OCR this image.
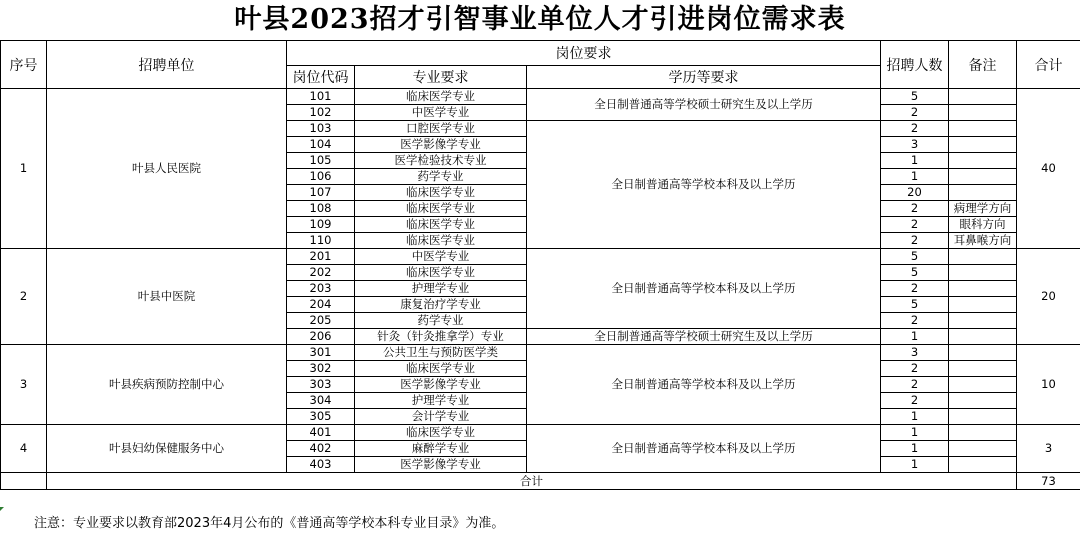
叶县2023招才引智事业单位人才引进岗位需求表
序号	招聘单位	岗位要求			招聘人数	备注	合计
		岗位代码	专业要求	学历等要求			
1	叶县人民医院	101	临床医学专业	全日制普通高等学校硕士研究生及以上学历	5		40
		102	中医学专业		2		
		103	口腔医学专业	全日制普通高等学校本科及以上学历	2		
		104	医学影像学专业		3		
		105	医学检验技术专业		1		
		106	药学专业		1		
		107	临床医学专业		20		
		108	临床医学专业		2	病理学方向	
		109	临床医学专业		2	眼科方向	
		110	临床医学专业		2	耳鼻喉方向	
2	叶县中医院	201	中医学专业	全日制普通高等学校本科及以上学历	5		20
		202	临床医学专业		5		
		203	护理学专业		2		
		204	康复治疗学专业		5		
		205	药学专业		2		
		206	针灸（针灸推拿学）专业	全日制普通高等学校硕士研究生及以上学历	1		
3	叶县疾病预防控制中心	301	公共卫生与预防医学类	全日制普通高等学校本科及以上学历	3		10
		302	临床医学专业		2		
		303	医学影像学专业		2		
		304	护理学专业		2		
		305	会计学专业		1		
4	叶县妇幼保健服务中心	401	临床医学专业	全日制普通高等学校本科及以上学历	1		3
		402	麻醉学专业		1		
		403	医学影像学专业		1		
	合计						73
注意：专业要求以教育部2023年4月公布的《普通高等学校本科专业目录》为准。
